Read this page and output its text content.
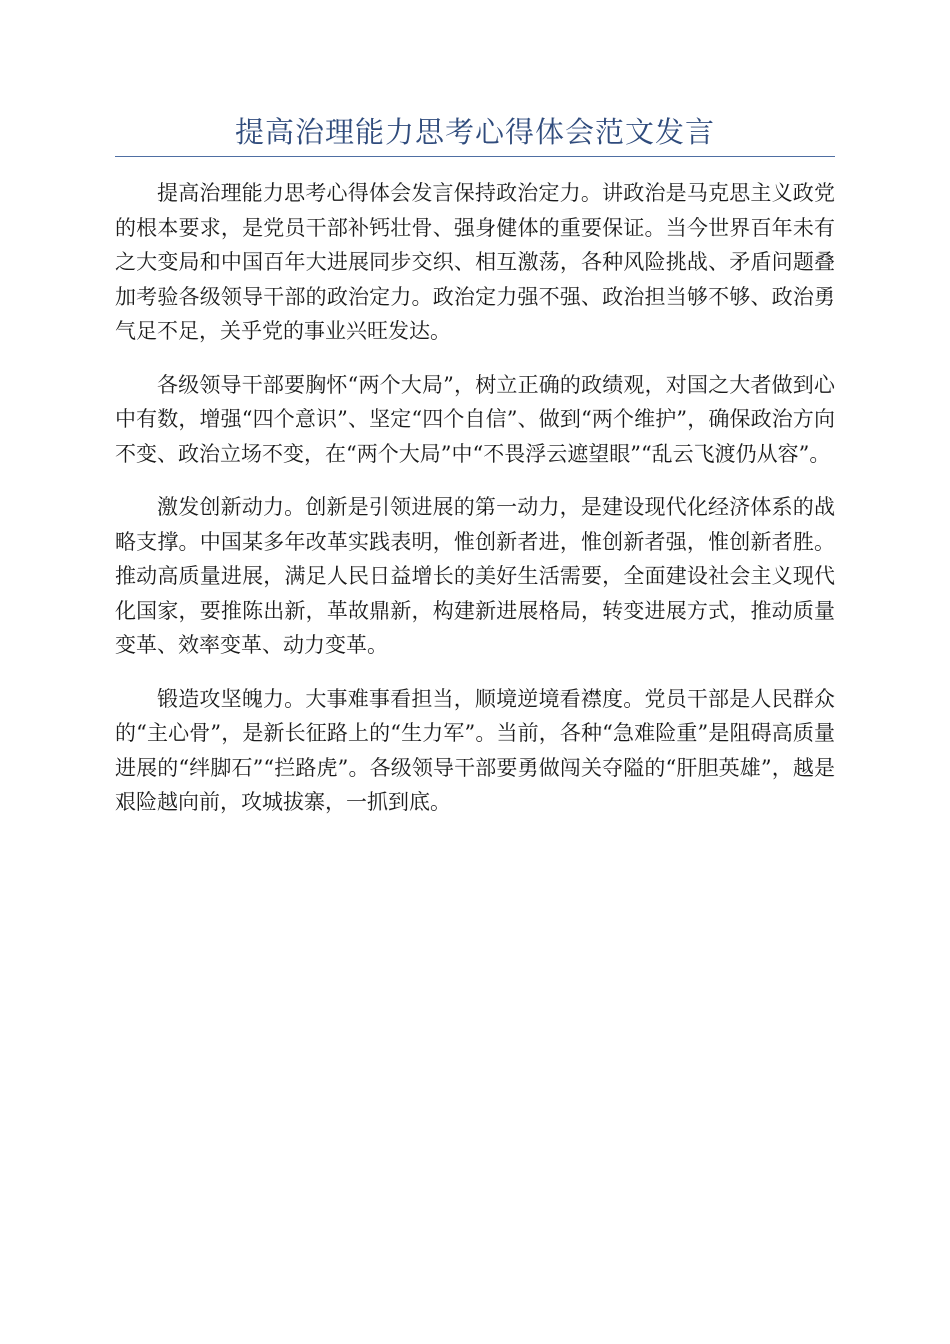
提高治理能力思考心得体会范文发言

提高治理能力思考心得体会发言保持政治定力。讲政治是马克思主义政党的根本要求，是党员干部补钙壮骨、强身健体的重要保证。当今世界百年未有之大变局和中国百年大进展同步交织、相互激荡，各种风险挑战、矛盾问题叠加考验各级领导干部的政治定力。政治定力强不强、政治担当够不够、政治勇气足不足，关乎党的事业兴旺发达。

各级领导干部要胸怀“两个大局”，树立正确的政绩观，对国之大者做到心中有数，增强“四个意识”、坚定“四个自信”、做到“两个维护”，确保政治方向不变、政治立场不变，在“两个大局”中“不畏浮云遮望眼”“乱云飞渡仍从容”。

激发创新动力。创新是引领进展的第一动力，是建设现代化经济体系的战略支撑。中国某多年改革实践表明，惟创新者进，惟创新者强，惟创新者胜。推动高质量进展，满足人民日益增长的美好生活需要，全面建设社会主义现代化国家，要推陈出新，革故鼎新，构建新进展格局，转变进展方式，推动质量变革、效率变革、动力变革。

锻造攻坚魄力。大事难事看担当，顺境逆境看襟度。党员干部是人民群众的“主心骨”，是新长征路上的“生力军”。当前，各种“急难险重”是阻碍高质量进展的“绊脚石”“拦路虎”。各级领导干部要勇做闯关夺隘的“肝胆英雄”，越是艰险越向前，攻城拔寨，一抓到底。
